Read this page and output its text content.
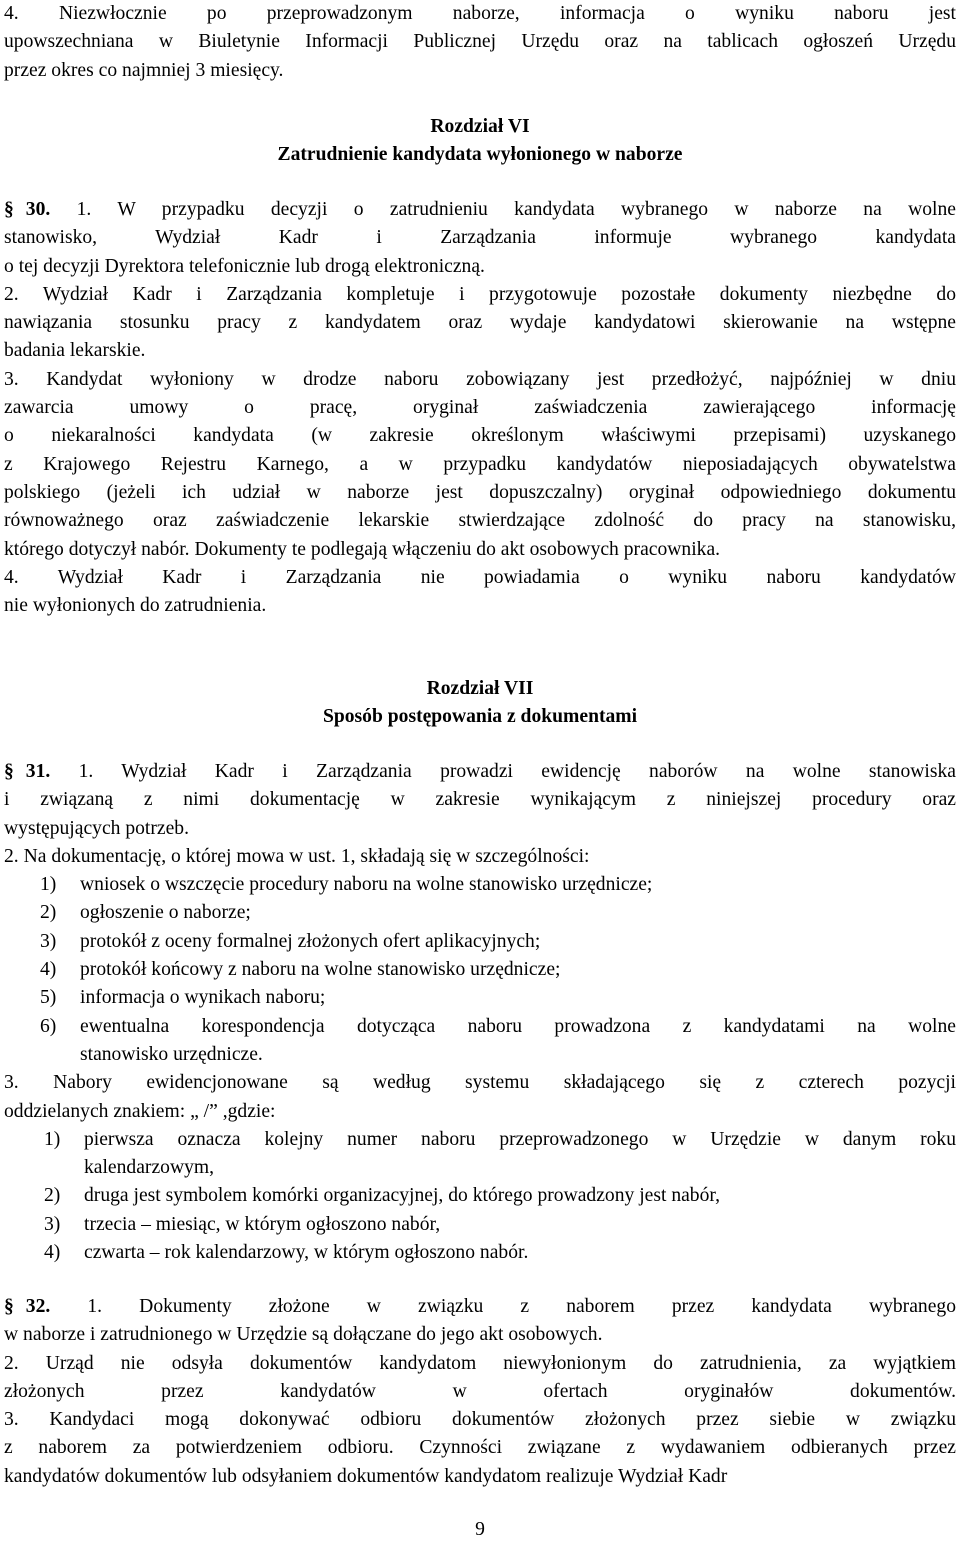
4. Niezwłocznie po przeprowadzonym naborze, informacja o wyniku naboru jest

upowszechniana w Biuletynie Informacji Publicznej Urzędu oraz na tablicach ogłoszeń Urzędu

przez okres co najmniej 3 miesięcy.

Rozdział VI

Zatrudnienie kandydata wyłonionego w naborze

§ 30. 1. W przypadku decyzji o zatrudnieniu kandydata wybranego w naborze na wolne

stanowisko, Wydział Kadr i Zarządzania informuje wybranego kandydata

o tej decyzji Dyrektora telefonicznie lub drogą elektroniczną.

2. Wydział Kadr i Zarządzania kompletuje i przygotowuje pozostałe dokumenty niezbędne do

nawiązania stosunku pracy z kandydatem oraz wydaje kandydatowi skierowanie na wstępne

badania lekarskie.

3. Kandydat wyłoniony w drodze naboru zobowiązany jest przedłożyć, najpóźniej w dniu

zawarcia umowy o pracę, oryginał zaświadczenia zawierającego informację

o niekaralności kandydata (w zakresie określonym właściwymi przepisami) uzyskanego

z Krajowego Rejestru Karnego, a w przypadku kandydatów nieposiadających obywatelstwa

polskiego (jeżeli ich udział w naborze jest dopuszczalny) oryginał odpowiedniego dokumentu

równoważnego oraz zaświadczenie lekarskie stwierdzające zdolność do pracy na stanowisku,

którego dotyczył nabór. Dokumenty te podlegają włączeniu do akt osobowych pracownika.

4. Wydział Kadr i Zarządzania nie powiadamia o wyniku naboru kandydatów

nie wyłonionych do zatrudnienia.

Rozdział VII

Sposób postępowania z dokumentami

§ 31. 1. Wydział Kadr i Zarządzania prowadzi ewidencję naborów na wolne stanowiska

i związaną z nimi dokumentację w zakresie wynikającym z niniejszej procedury oraz

występujących potrzeb.

2. Na dokumentację, o której mowa w ust. 1, składają się w szczególności:

1)	wniosek o wszczęcie procedury naboru na wolne stanowisko urzędnicze;
2)	ogłoszenie o naborze;
3)	protokół z oceny formalnej złożonych ofert aplikacyjnych;
4)	protokół końcowy z naboru na wolne stanowisko urzędnicze;
5)	informacja o wynikach naboru;
6)	ewentualna korespondencja dotycząca naboru prowadzona z kandydatami na wolne
stanowisko urzędnicze.

3. Nabory ewidencjonowane są według systemu składającego się z czterech pozycji

oddzielanych znakiem: „ /” ,gdzie:

1)	pierwsza oznacza kolejny numer naboru przeprowadzonego w Urzędzie w danym roku
kalendarzowym,
2)	druga jest symbolem komórki organizacyjnej, do którego prowadzony jest nabór,
3)	trzecia – miesiąc, w którym ogłoszono nabór,
4)	czwarta – rok kalendarzowy, w którym ogłoszono nabór.

§ 32. 1. Dokumenty złożone w związku z naborem przez kandydata wybranego

w naborze i zatrudnionego w Urzędzie są dołączane do jego akt osobowych.

2. Urząd nie odsyła dokumentów kandydatom niewyłonionym do zatrudnienia, za wyjątkiem

złożonych przez kandydatów w ofertach oryginałów dokumentów.

3. Kandydaci mogą dokonywać odbioru dokumentów złożonych przez siebie w związku

z naborem za potwierdzeniem odbioru. Czynności związane z wydawaniem odbieranych przez

kandydatów dokumentów lub odsyłaniem dokumentów kandydatom realizuje Wydział Kadr

9
